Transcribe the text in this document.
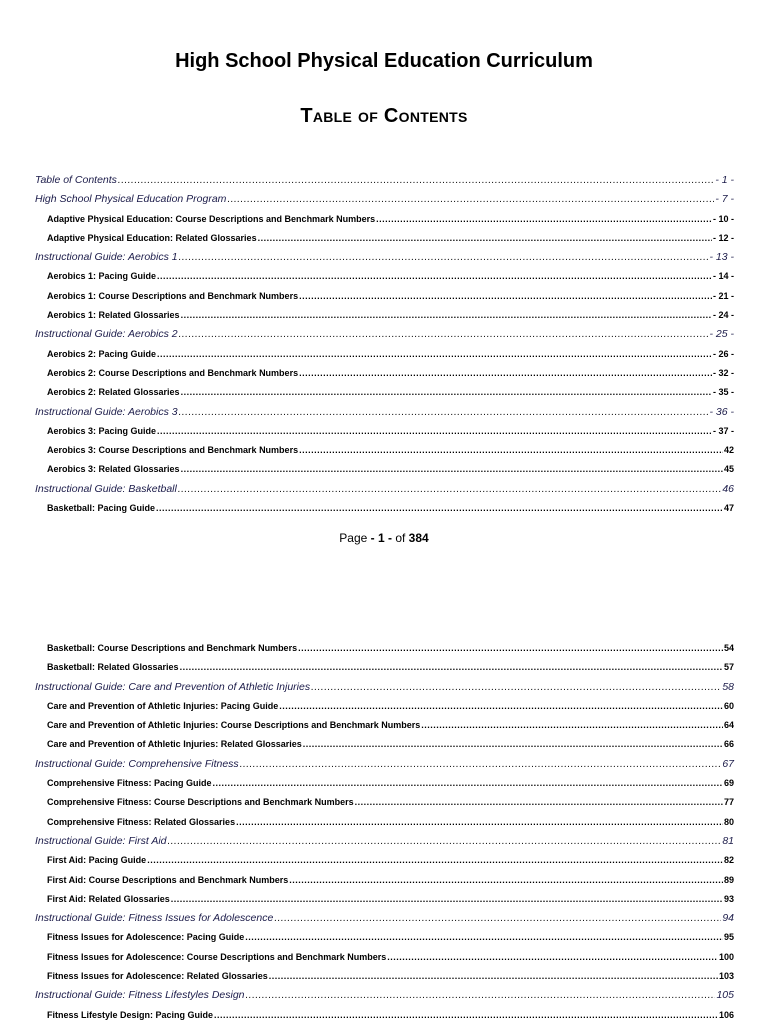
High School Physical Education Curriculum
Table of Contents
Table of Contents .....	- 1 -
High School Physical Education Program .....	- 7 -
Adaptive Physical Education: Course Descriptions and Benchmark Numbers .....	- 10 -
Adaptive Physical Education: Related Glossaries .....	- 12 -
Instructional Guide: Aerobics 1 .....	- 13 -
Aerobics 1: Pacing Guide .....	- 14 -
Aerobics 1: Course Descriptions and Benchmark Numbers .....	- 21 -
Aerobics 1: Related Glossaries .....	- 24 -
Instructional Guide: Aerobics 2 .....	- 25 -
Aerobics 2: Pacing Guide .....	- 26 -
Aerobics 2: Course Descriptions and Benchmark Numbers .....	- 32 -
Aerobics 2: Related Glossaries .....	- 35 -
Instructional Guide: Aerobics 3 .....	- 36 -
Aerobics 3: Pacing Guide .....	- 37 -
Aerobics 3: Course Descriptions and Benchmark Numbers .....	42
Aerobics 3: Related Glossaries .....	45
Instructional Guide: Basketball .....	46
Basketball: Pacing Guide .....	47
Page - 1 - of 384
Basketball: Course Descriptions and Benchmark Numbers .....	54
Basketball: Related Glossaries .....	57
Instructional Guide: Care and Prevention of Athletic Injuries .....	58
Care and Prevention of Athletic Injuries: Pacing Guide .....	60
Care and Prevention of Athletic Injuries: Course Descriptions and Benchmark Numbers .....	64
Care and Prevention of Athletic Injuries: Related Glossaries .....	66
Instructional Guide: Comprehensive Fitness .....	67
Comprehensive Fitness: Pacing Guide .....	69
Comprehensive Fitness: Course Descriptions and Benchmark Numbers .....	77
Comprehensive Fitness: Related Glossaries .....	80
Instructional Guide: First Aid .....	81
First Aid: Pacing Guide .....	82
First Aid: Course Descriptions and Benchmark Numbers .....	89
First Aid: Related Glossaries .....	93
Instructional Guide: Fitness Issues for Adolescence .....	94
Fitness Issues for Adolescence: Pacing Guide .....	95
Fitness Issues for Adolescence: Course Descriptions and Benchmark Numbers .....	100
Fitness Issues for Adolescence: Related Glossaries .....	103
Instructional Guide: Fitness Lifestyles Design .....	105
Fitness Lifestyle Design: Pacing Guide .....	106
